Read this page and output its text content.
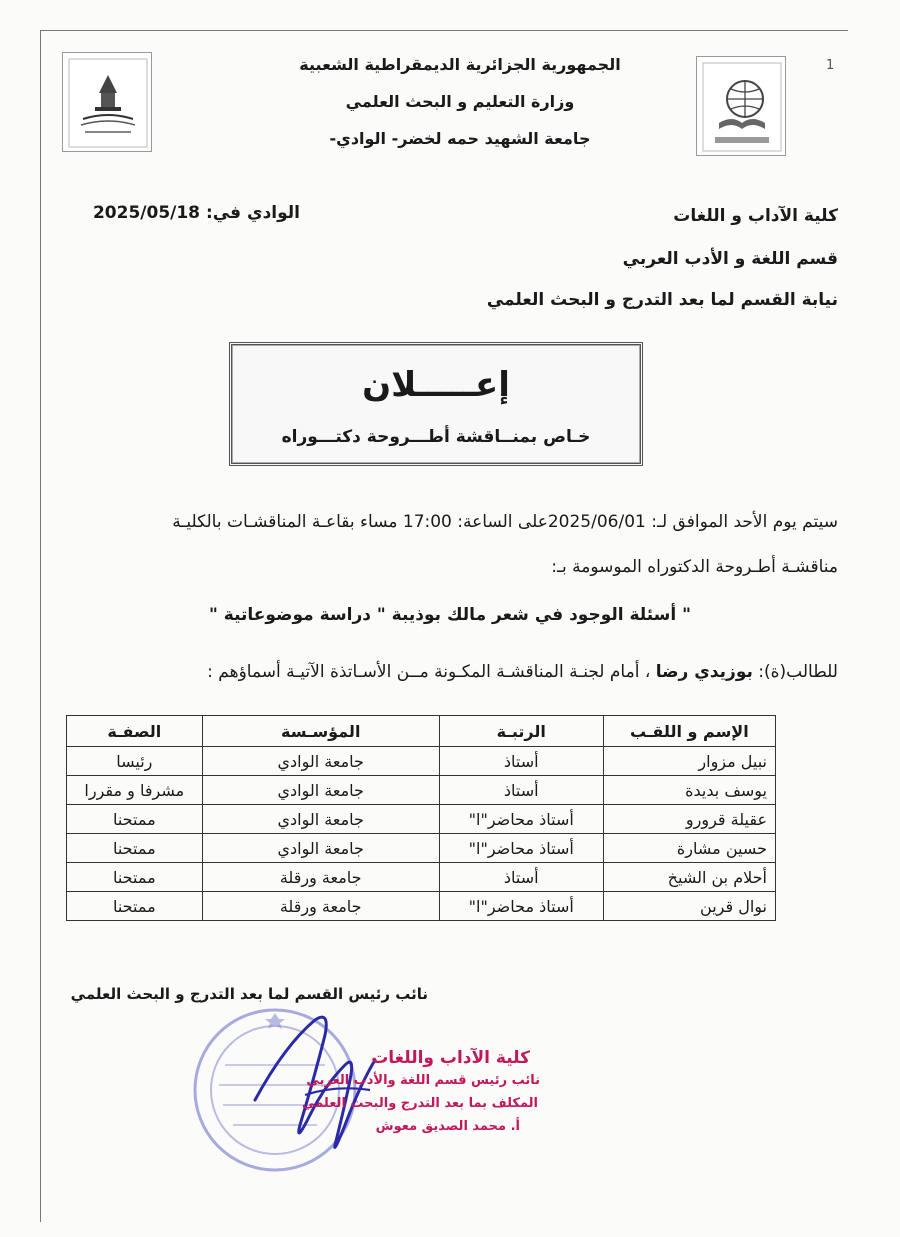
1
الجمهورية الجزائرية الديمقراطية الشعبية
وزارة التعليم و البحث العلمي
جامعة الشهيد حمه لخضر- الوادي-
الوادي في: 2025/05/18	كلية الآداب و اللغات
قسم اللغة و الأدب العربي
نيابة القسم لما بعد التدرج و البحث العلمي
إعـــــلان
خـاص بمنــاقشة أطـــروحة دكتـــوراه
سيتم يوم الأحد الموافق لـ: 2025/06/01على الساعة: 17:00 مساء بقاعـة المناقشـات بالكليـة
مناقشـة أطـروحة الدكتوراه الموسومة بـ:
" أسئلة الوجود في شعر مالك بوذيبة " دراسة موضوعاتية "
للطالب(ة): بوزيدي رضا ، أمام لجنـة المناقشـة المكـونة مــن الأسـاتذة الآتيـة أسماؤهم :
الإسم و اللقـب	الرتبـة	المؤسـسة	الصفـة
نبيل مزوار	أستاذ	جامعة الوادي	رئيسا
يوسف بديدة	أستاذ	جامعة الوادي	مشرفا و مقررا
عقيلة قرورو	أستاذ محاضر"ا"	جامعة الوادي	ممتحنا
حسين مشارة	أستاذ محاضر"ا"	جامعة الوادي	ممتحنا
أحلام بن الشيخ	أستاذ	جامعة ورقلة	ممتحنا
نوال قرين	أستاذ محاضر"ا"	جامعة ورقلة	ممتحنا
نائب رئيس القسم لما بعد التدرج و البحث العلمي
كلية الآداب واللغات
نائب رئيس قسم اللغة والأدب العربي
المكلف بما بعد التدرج والبحث العلمي
أ. محمد الصديق معوش
